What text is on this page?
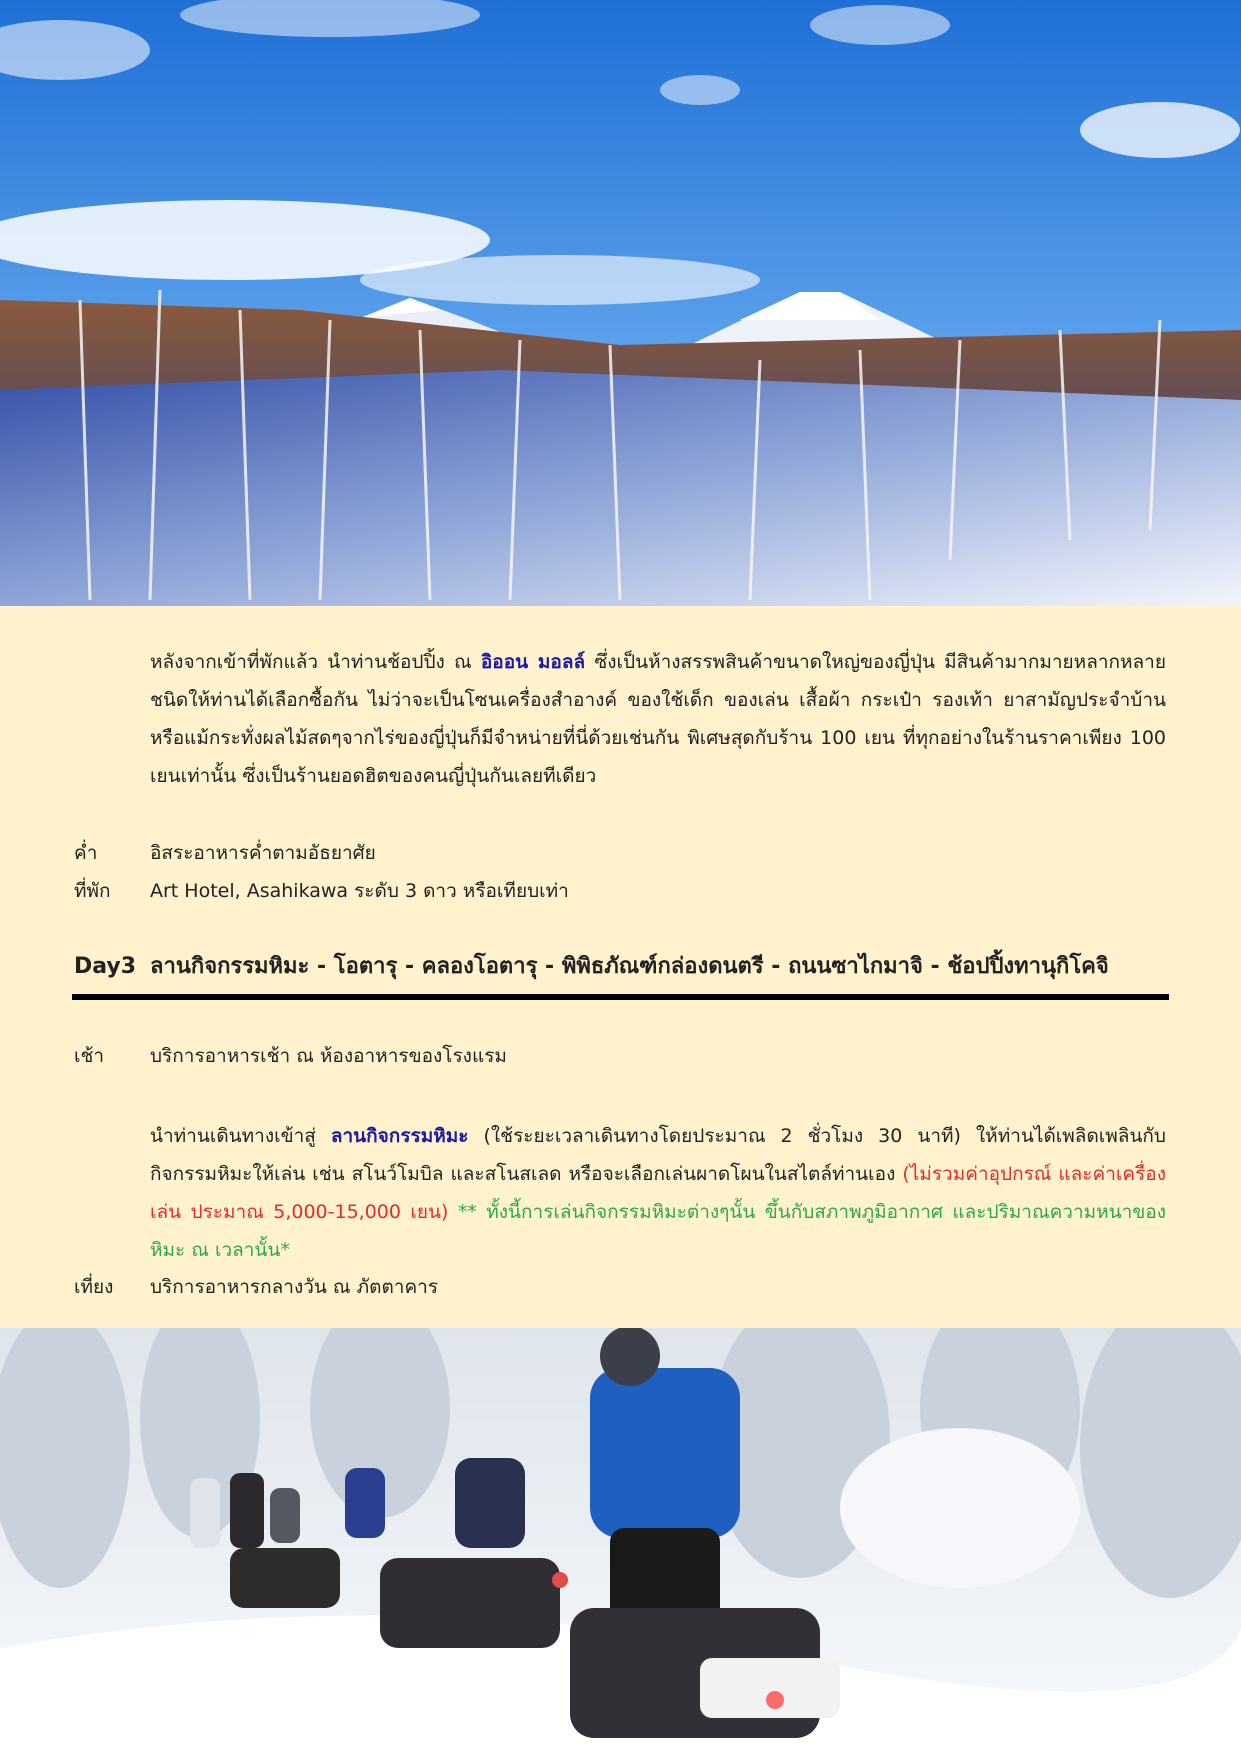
หลังจากเข้าที่พักแล้ว นำท่านช้อปปิ้ง ณ อิออน มอลล์ ซึ่งเป็นห้างสรรพสินค้าขนาดใหญ่ของญี่ปุ่น มีสินค้ามากมายหลากหลายชนิดให้ท่านได้เลือกซื้อกัน ไม่ว่าจะเป็นโซนเครื่องสำอางค์ ของใช้เด็ก ของเล่น เสื้อผ้า กระเป๋า รองเท้า ยาสามัญประจำบ้านหรือแม้กระทั่งผลไม้สดๆจากไร่ของญี่ปุ่นก็มีจำหน่ายที่นี่ด้วยเช่นกัน พิเศษสุดกับร้าน 100 เยน ที่ทุกอย่างในร้านราคาเพียง 100 เยนเท่านั้น ซึ่งเป็นร้านยอดฮิตของคนญี่ปุ่นกันเลยทีเดียว
ค่ำ	อิสระอาหารค่ำตามอัธยาศัย
ที่พัก Art Hotel, Asahikawa ระดับ 3 ดาว หรือเทียบเท่า
Day3 ลานกิจกรรมหิมะ - โอตารุ - คลองโอตารุ - พิพิธภัณฑ์กล่องดนตรี - ถนนซาไกมาจิ - ช้อปปิ้งทานุกิโคจิ
เช้า บริการอาหารเช้า ณ ห้องอาหารของโรงแรม
นำท่านเดินทางเข้าสู่ ลานกิจกรรมหิมะ (ใช้ระยะเวลาเดินทางโดยประมาณ 2 ชั่วโมง 30 นาที) ให้ท่านได้เพลิดเพลินกับ กิจกรรมหิมะให้เล่น เช่น สโนว์โมบิล และสโนสเลด หรือจะเลือกเล่นผาดโผนในสไตล์ท่านเอง (ไม่รวมค่าอุปกรณ์ และค่าเครื่องเล่น ประมาณ 5,000-15,000 เยน) ** ทั้งนี้การเล่นกิจกรรมหิมะต่างๆนั้น ขึ้นกับสภาพภูมิอากาศ และปริมาณความหนาของหิมะ ณ เวลานั้น*
เที่ยง บริการอาหารกลางวัน ณ ภัตตาคาร
